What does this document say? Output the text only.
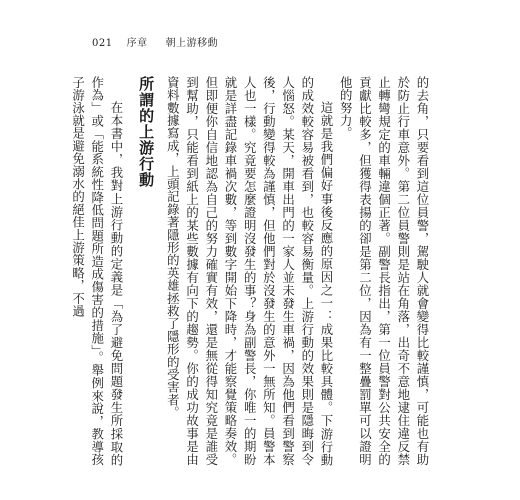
021 序章 朝上游移動

的去角，只要看到這位員警，駕駛人就會變得比較謹慎，可能也有助於防止行車意外。第二位員警則是站在角落，出奇不意地逮住違反禁止轉彎規定的車輛違個正著。副警長指出，第一位員警對公共安全的貢獻比較多，但獲得表揚的卻是第二位，因為有一整疊罰單可以證明他的努力。

這就是我們偏好事後反應的原因之一：成果比較具體。下游行動的成效較容易被看到，也較容易衡量。上游行動的效果則是隱晦到令人惱怒。某天，開車出門的一家人並未發生車禍，因為他們看到警察後，行動變得較為謹慎，但他們對於沒發生的意外一無所知。員警本人也一樣。究竟要怎麼證明沒發生的事？身為副警長，你唯一的期盼就是詳盡記錄車禍次數，等到數字開始下降時，才能察覺策略奏效。但即便你自信地認為自己的努力確實有效，還是無從得知究竟是誰受到幫助，只能看到紙上的某些數據有向下的趨勢。你的成功故事是由資料數據寫成，上頭記錄著隱形的英雄拯救了隱形的受害者。

所謂的上游行動

在本書中，我對上游行動的定義是「為了避免問題發生所採取的作為」或「能系統性降低問題所造成傷害的措施」。舉例來說，教導孩子游泳就是避免溺水的絕佳上游策略，不過
